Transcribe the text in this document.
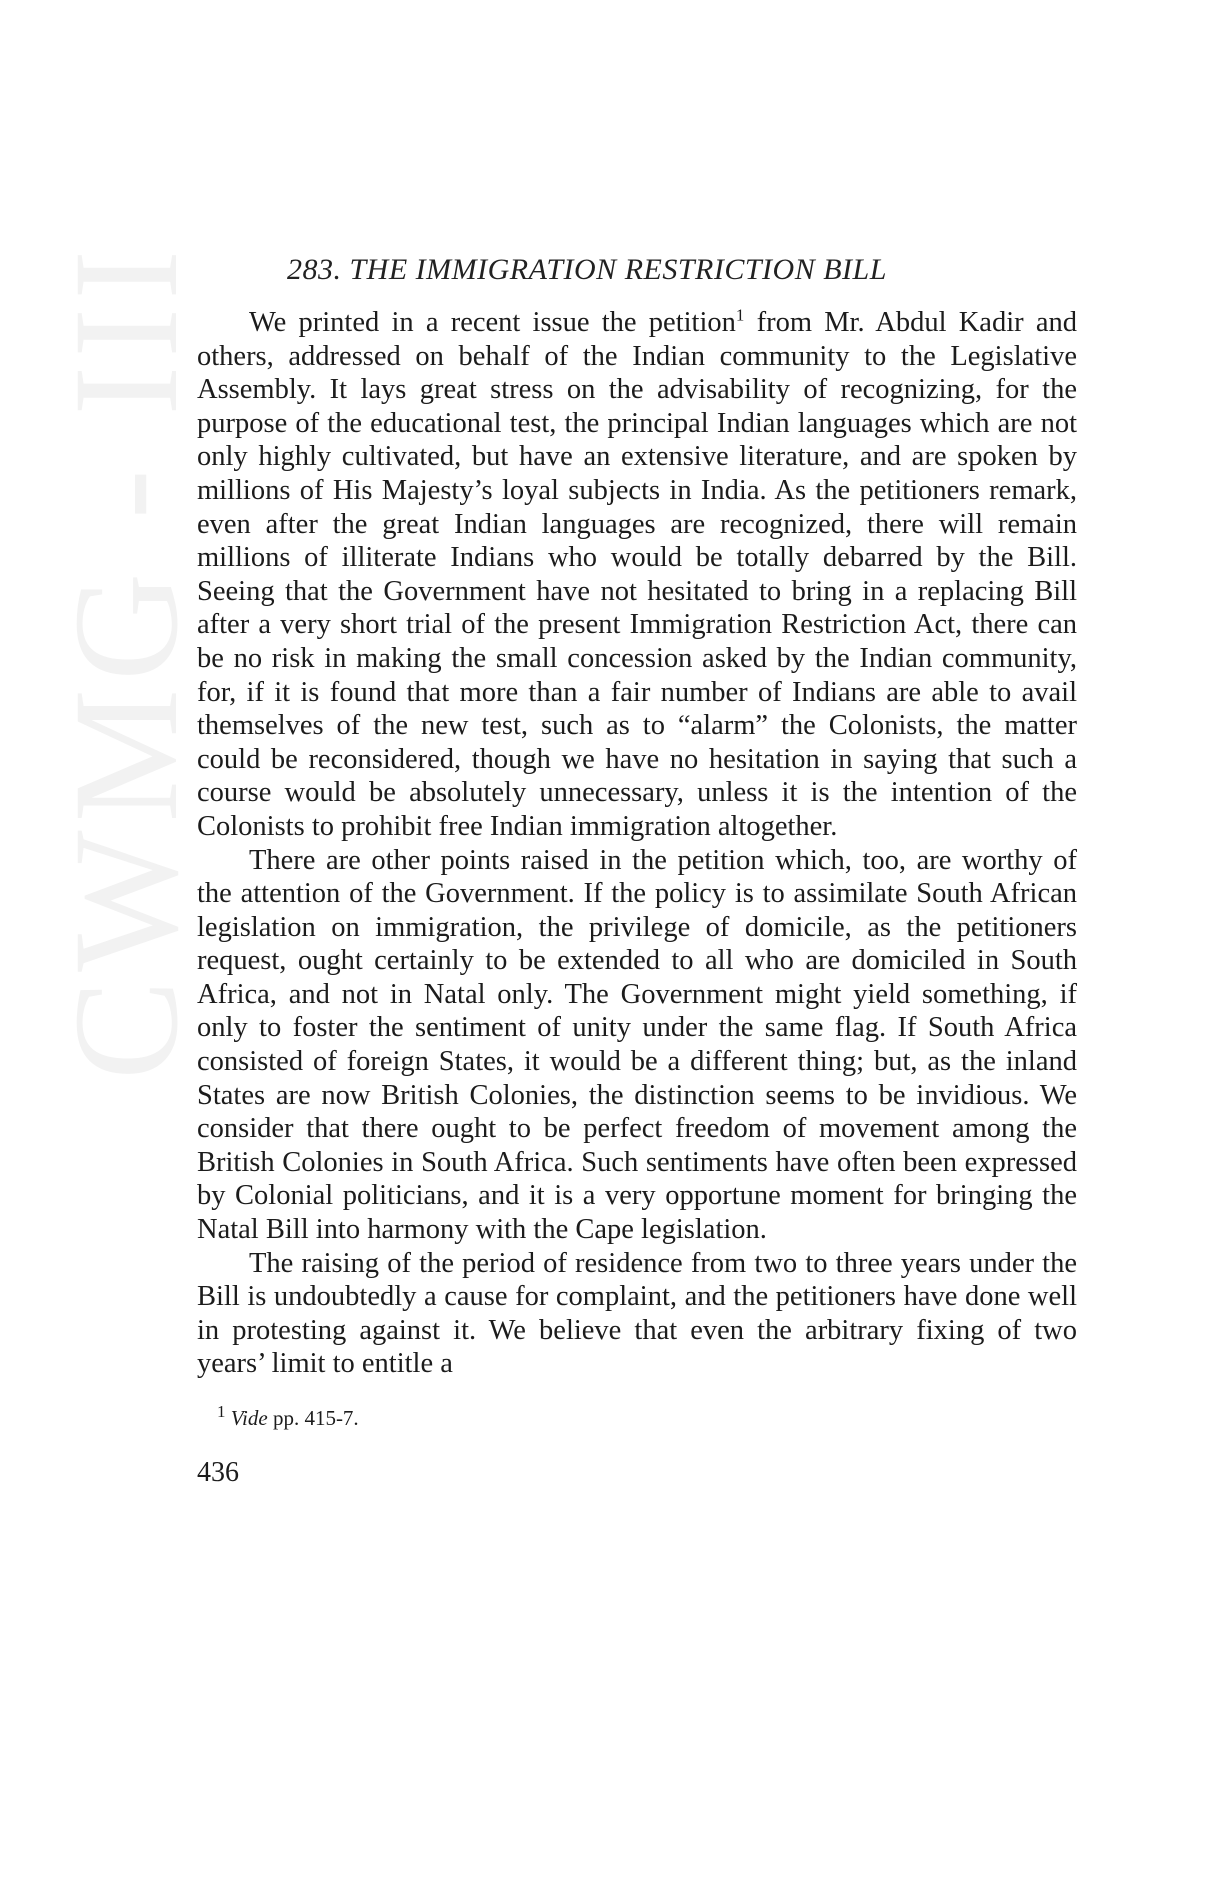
CWMG - III	283. THE IMMIGRATION RESTRICTION BILL

We printed in a recent issue the petition$^1$ from Mr. Abdul Kadir and others, addressed on behalf of the Indian community to the Legislative Assembly. It lays great stress on the advisability of recognizing, for the purpose of the educational test, the principal Indian languages which are not only highly cultivated, but have an extensive literature, and are spoken by millions of His Majesty’s loyal subjects in India. As the petitioners remark, even after the great Indian languages are recognized, there will remain millions of illiterate Indians who would be totally debarred by the Bill. Seeing that the Government have not hesitated to bring in a replacing Bill after a very short trial of the present Immigration Restriction Act, there can be no risk in making the small concession asked by the Indian community, for, if it is found that more than a fair number of Indians are able to avail themselves of the new test, such as to “alarm” the Colonists, the matter could be reconsidered, though we have no hesitation in saying that such a course would be absolutely unnecessary, unless it is the intention of the Colonists to prohibit free Indian immigration altogether.

There are other points raised in the petition which, too, are worthy of the attention of the Government. If the policy is to assimilate South African legislation on immigration, the privilege of domicile, as the petitioners request, ought certainly to be extended to all who are domiciled in South Africa, and not in Natal only. The Government might yield something, if only to foster the sentiment of unity under the same flag. If South Africa consisted of foreign States, it would be a different thing; but, as the inland States are now British Colonies, the distinction seems to be invidious. We consider that there ought to be perfect freedom of movement among the British Colonies in South Africa. Such sentiments have often been expressed by Colonial politicians, and it is a very opportune moment for bringing the Natal Bill into harmony with the Cape legislation.

The raising of the period of residence from two to three years under the Bill is undoubtedly a cause for complaint, and the petitioners have done well in protesting against it. We believe that even the arbitrary fixing of two years’ limit to entitle a

$^1$ Vide pp. 415-7.
436
